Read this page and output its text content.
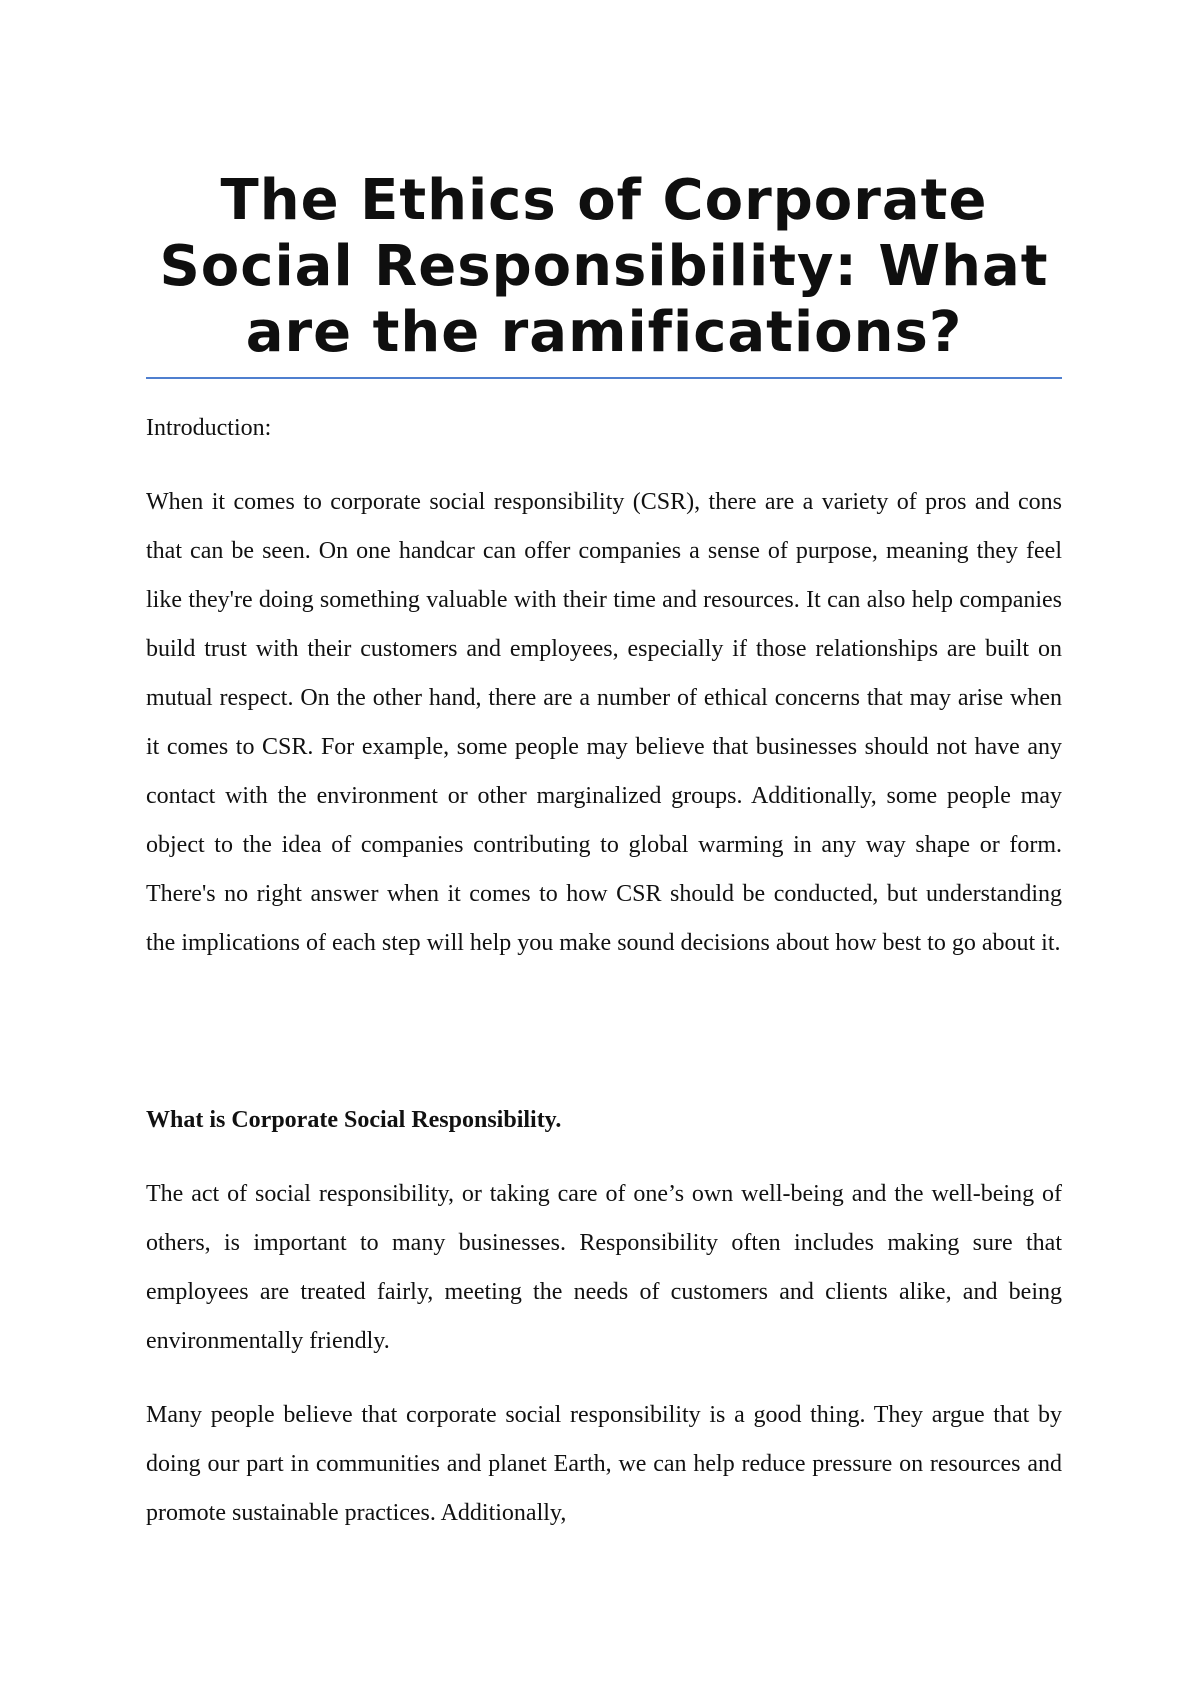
The Ethics of Corporate Social Responsibility: What are the ramifications?

Introduction:

When it comes to corporate social responsibility (CSR), there are a variety of pros and cons that can be seen. On one handcar can offer companies a sense of purpose, meaning they feel like they're doing something valuable with their time and resources. It can also help companies build trust with their customers and employees, especially if those relationships are built on mutual respect. On the other hand, there are a number of ethical concerns that may arise when it comes to CSR. For example, some people may believe that businesses should not have any contact with the environment or other marginalized groups. Additionally, some people may object to the idea of companies contributing to global warming in any way shape or form. There's no right answer when it comes to how CSR should be conducted, but understanding the implications of each step will help you make sound decisions about how best to go about it.

What is Corporate Social Responsibility.

The act of social responsibility, or taking care of one’s own well-being and the well-being of others, is important to many businesses. Responsibility often includes making sure that employees are treated fairly, meeting the needs of customers and clients alike, and being environmentally friendly.

Many people believe that corporate social responsibility is a good thing. They argue that by doing our part in communities and planet Earth, we can help reduce pressure on resources and promote sustainable practices. Additionally,
